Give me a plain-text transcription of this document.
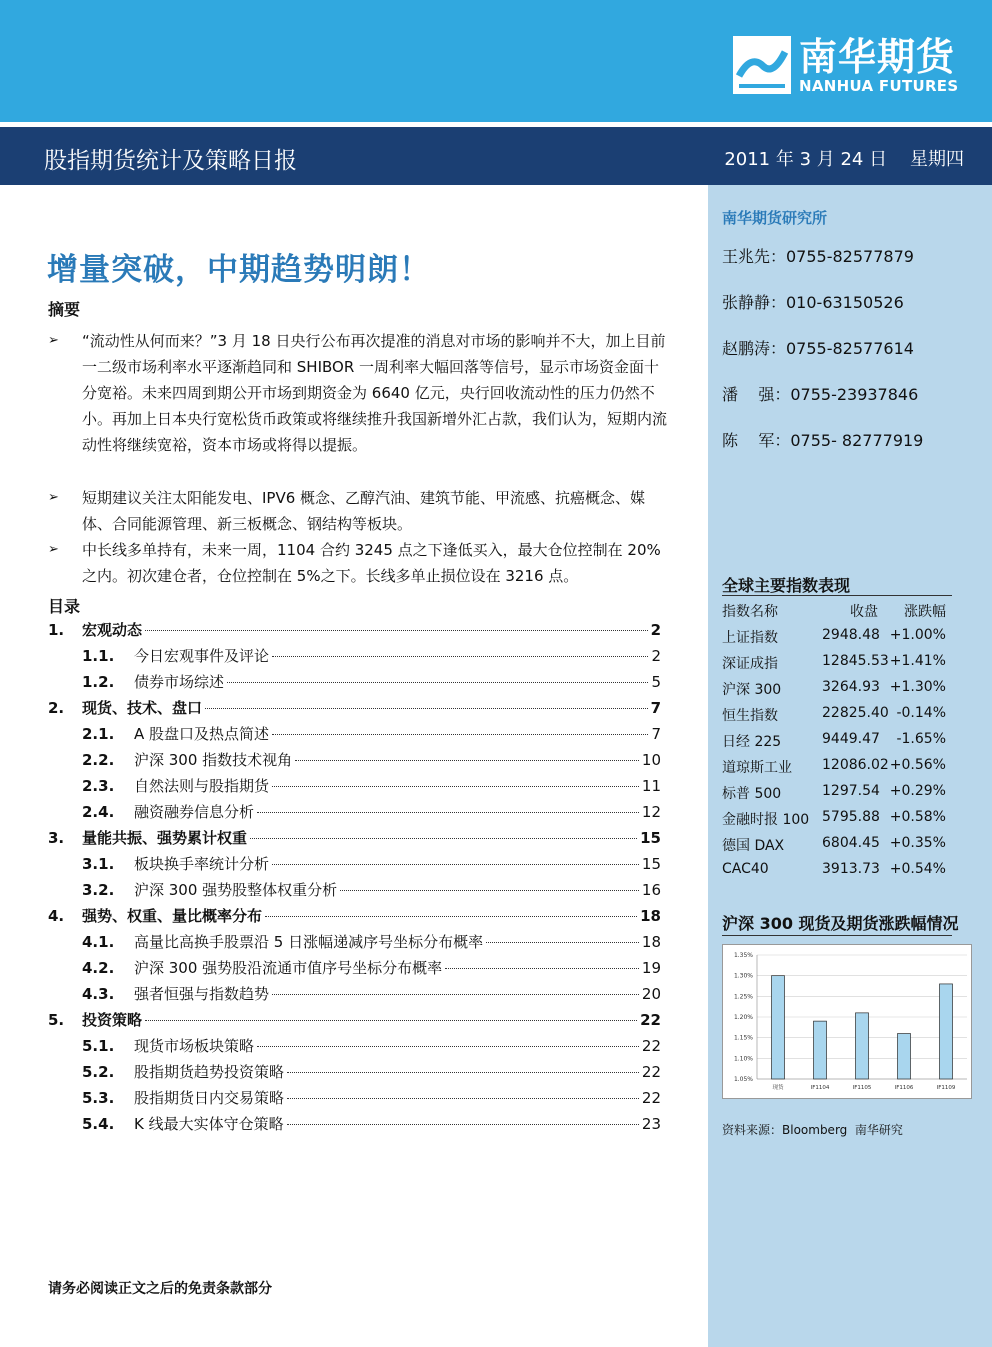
南华期货
NANHUA FUTURES
股指期货统计及策略日报	2011 年 3 月 24 日    星期四
南华期货研究所
王兆先：0755-82577879
张静静：010-63150526
赵鹏涛：0755-82577614
潘    强：0755-23937846
陈    军：0755- 82777919
全球主要指数表现
指数名称	收盘	涨跌幅
上证指数	2948.48 +1.00%
深证成指	12845.53 +1.41%
沪深 300	3264.93 +1.30%
恒生指数	22825.40 -0.14%
日经 225	9449.47	-1.65%
道琼斯工业 12086.02 +0.56%
标普 500	1297.54 +0.29%
金融时报 100 5795.88 +0.58%
德国 DAX	6804.45 +0.35%
CAC40	3913.73 +0.54%
沪深 300 现货及期货涨跌幅情况
1.35%
1.30%
1.25%
1.20%
1.15%
1.10%
1.05%
现货	IF1104	IF1105	IF1106	IF1109
资料来源：Bloomberg  南华研究
增量突破，中期趋势明朗！
摘要
➢ “流动性从何而来？”3 月 18 日央行公布再次提准的消息对市场的影响并不大，加上目前一二级市场利率水平逐渐趋同和 SHIBOR 一周利率大幅回落等信号，显示市场资金面十分宽裕。未来四周到期公开市场到期资金为 6640 亿元，央行回收流动性的压力仍然不小。再加上日本央行宽松货币政策或将继续推升我国新增外汇占款，我们认为，短期内流动性将继续宽裕，资本市场或将得以提振。
➢ 短期建议关注太阳能发电、IPV6 概念、乙醇汽油、建筑节能、甲流感、抗癌概念、媒体、合同能源管理、新三板概念、钢结构等板块。
➢ 中长线多单持有，未来一周，1104 合约 3245 点之下逢低买入，最大仓位控制在 20%之内。初次建仓者，仓位控制在 5%之下。长线多单止损位设在 3216 点。
目录
1.	宏观动态	2
1.1.	今日宏观事件及评论	2
1.2.	债券市场综述	5
2.	现货、技术、盘口	7
2.1.	A 股盘口及热点简述	7
2.2.	沪深 300 指数技术视角	10
2.3.	自然法则与股指期货	11
2.4.	融资融券信息分析	12
3.	量能共振、强势累计权重	15
3.1.	板块换手率统计分析	15
3.2.	沪深 300 强势股整体权重分析	16
4.	强势、权重、量比概率分布	18
4.1.	高量比高换手股票沿 5 日涨幅递减序号坐标分布概率	18
4.2.	沪深 300 强势股沿流通市值序号坐标分布概率	19
4.3.	强者恒强与指数趋势	20
5.	投资策略	22
5.1.	现货市场板块策略	22
5.2.	股指期货趋势投资策略	22
5.3.	股指期货日内交易策略	22
5.4.	K 线最大实体守仓策略	23
请务必阅读正文之后的免责条款部分
